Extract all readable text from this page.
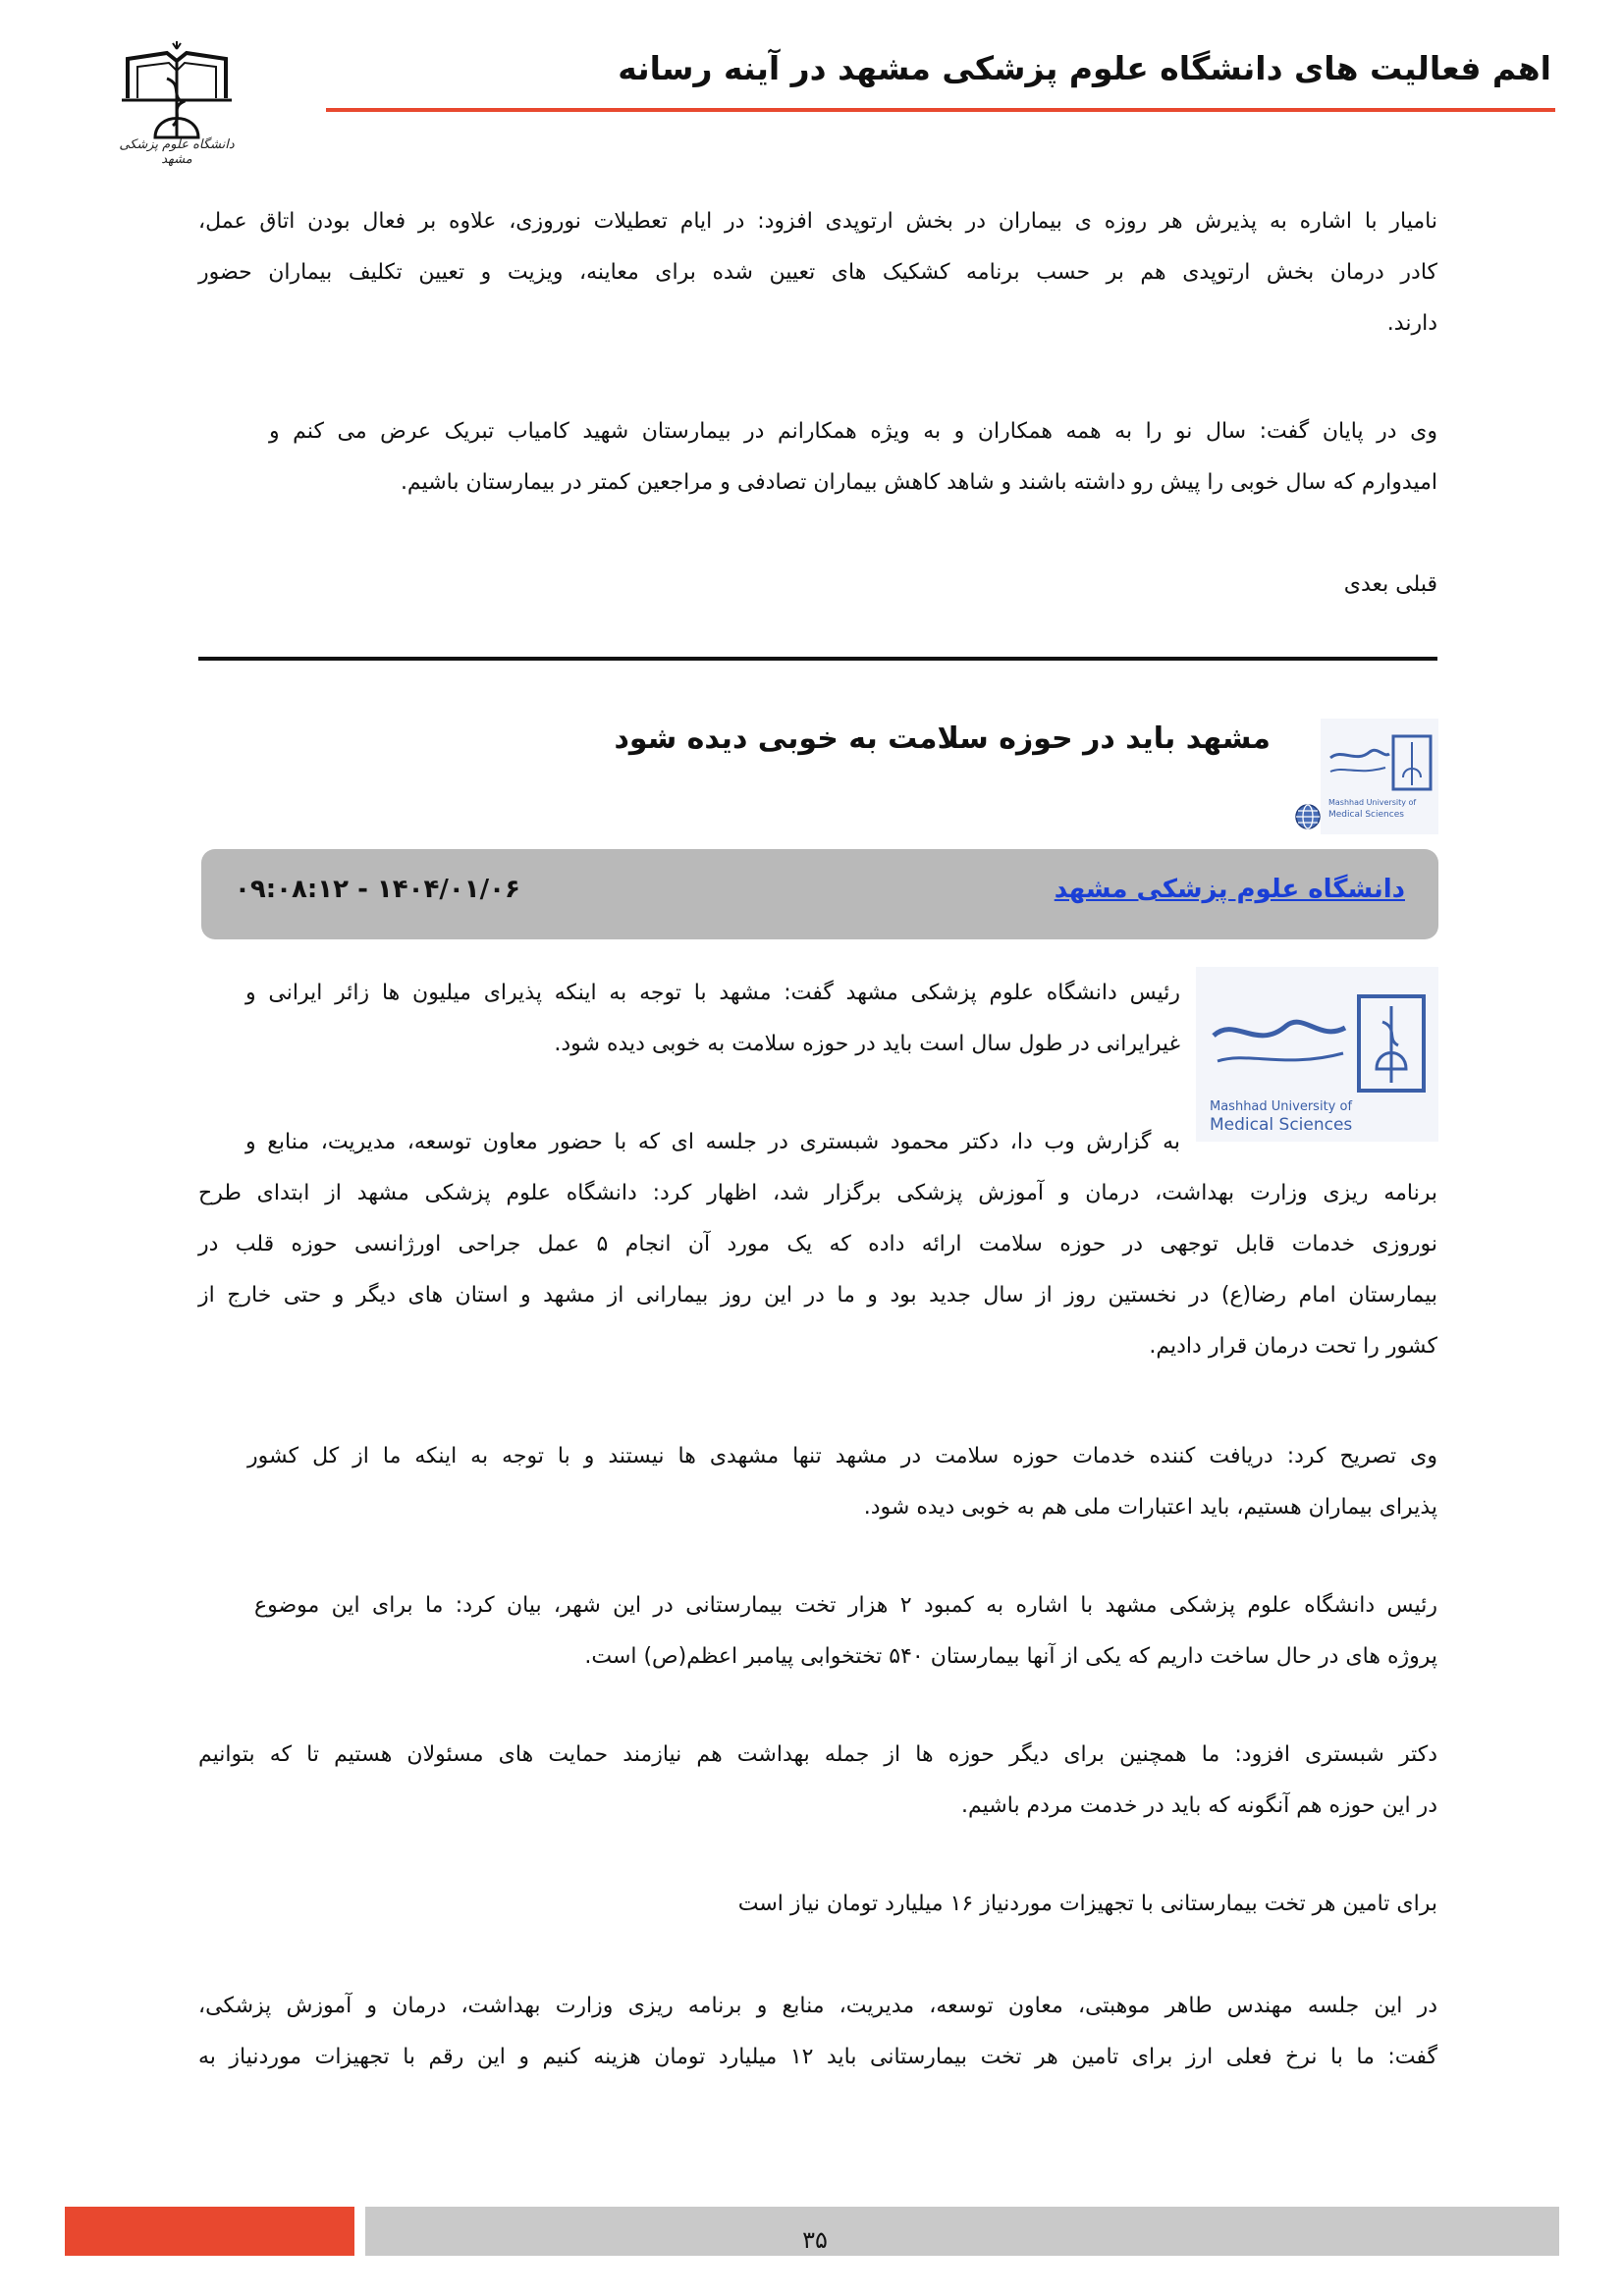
اهم فعالیت های دانشگاه علوم پزشکی مشهد در آینه رسانه
دانشگاه علوم پزشکی مشهد
نامیار با اشاره به پذیرش هر روزه ی بیماران در بخش ارتوپدی افزود: در ایام تعطیلات نوروزی، علاوه بر فعال بودن اتاق عمل،
کادر درمان بخش ارتوپدی هم بر حسب برنامه کشکیک های تعیین شده برای معاینه، ویزیت و تعیین تکلیف بیماران حضور
دارند.
وی در پایان گفت: سال نو را به همه همکاران و به ویژه همکارانم در بیمارستان شهید کامیاب تبریک عرض می کنم و
امیدوارم که سال خوبی را پیش رو داشته باشند و شاهد کاهش بیماران تصادفی و مراجعین کمتر در بیمارستان باشیم.
قبلی بعدی
Mashhad University of
Medical Sciences
مشهد باید در حوزه سلامت به خوبی دیده شود
دانشگاه علوم پزشکی مشهد
۱۴۰۴/۰۱/۰۶ - ۰۹:۰۸:۱۲
Mashhad University of
Medical Sciences
رئیس دانشگاه علوم پزشکی مشهد گفت: مشهد با توجه به اینکه پذیرای میلیون ها زائر ایرانی و
غیرایرانی در طول سال است باید در حوزه سلامت به خوبی دیده شود.
به گزارش وب دا، دکتر محمود شبستری در جلسه ای که با حضور معاون توسعه، مدیریت، منابع و
برنامه ریزی وزارت بهداشت، درمان و آموزش پزشکی برگزار شد، اظهار کرد: دانشگاه علوم پزشکی مشهد از ابتدای طرح
نوروزی خدمات قابل توجهی در حوزه سلامت ارائه داده که یک مورد آن انجام ۵ عمل جراحی اورژانسی حوزه قلب در
بیمارستان امام رضا(ع) در نخستین روز از سال جدید بود و ما در این روز بیمارانی از مشهد و استان های دیگر و حتی خارج از
کشور را تحت درمان قرار دادیم.
وی تصریح کرد: دریافت کننده خدمات حوزه سلامت در مشهد تنها مشهدی ها نیستند و با توجه به اینکه ما از کل کشور
پذیرای بیماران هستیم، باید اعتبارات ملی هم به خوبی دیده شود.
رئیس دانشگاه علوم پزشکی مشهد با اشاره به کمبود ۲ هزار تخت بیمارستانی در این شهر، بیان کرد: ما برای این موضوع
پروژه های در حال ساخت داریم که یکی از آنها بیمارستان ۵۴۰ تختخوابی پیامبر اعظم(ص) است.
دکتر شبستری افزود: ما همچنین برای دیگر حوزه ها از جمله بهداشت هم نیازمند حمایت های مسئولان هستیم تا که بتوانیم
در این حوزه هم آنگونه که باید در خدمت مردم باشیم.
برای تامین هر تخت بیمارستانی با تجهیزات موردنیاز ۱۶ میلیارد تومان نیاز است
در این جلسه مهندس طاهر موهبتی، معاون توسعه، مدیریت، منابع و برنامه ریزی وزارت بهداشت، درمان و آموزش پزشکی،
گفت: ما با نرخ فعلی ارز برای تامین هر تخت بیمارستانی باید ۱۲ میلیارد تومان هزینه کنیم و این رقم با تجهیزات موردنیاز به
۳۵
